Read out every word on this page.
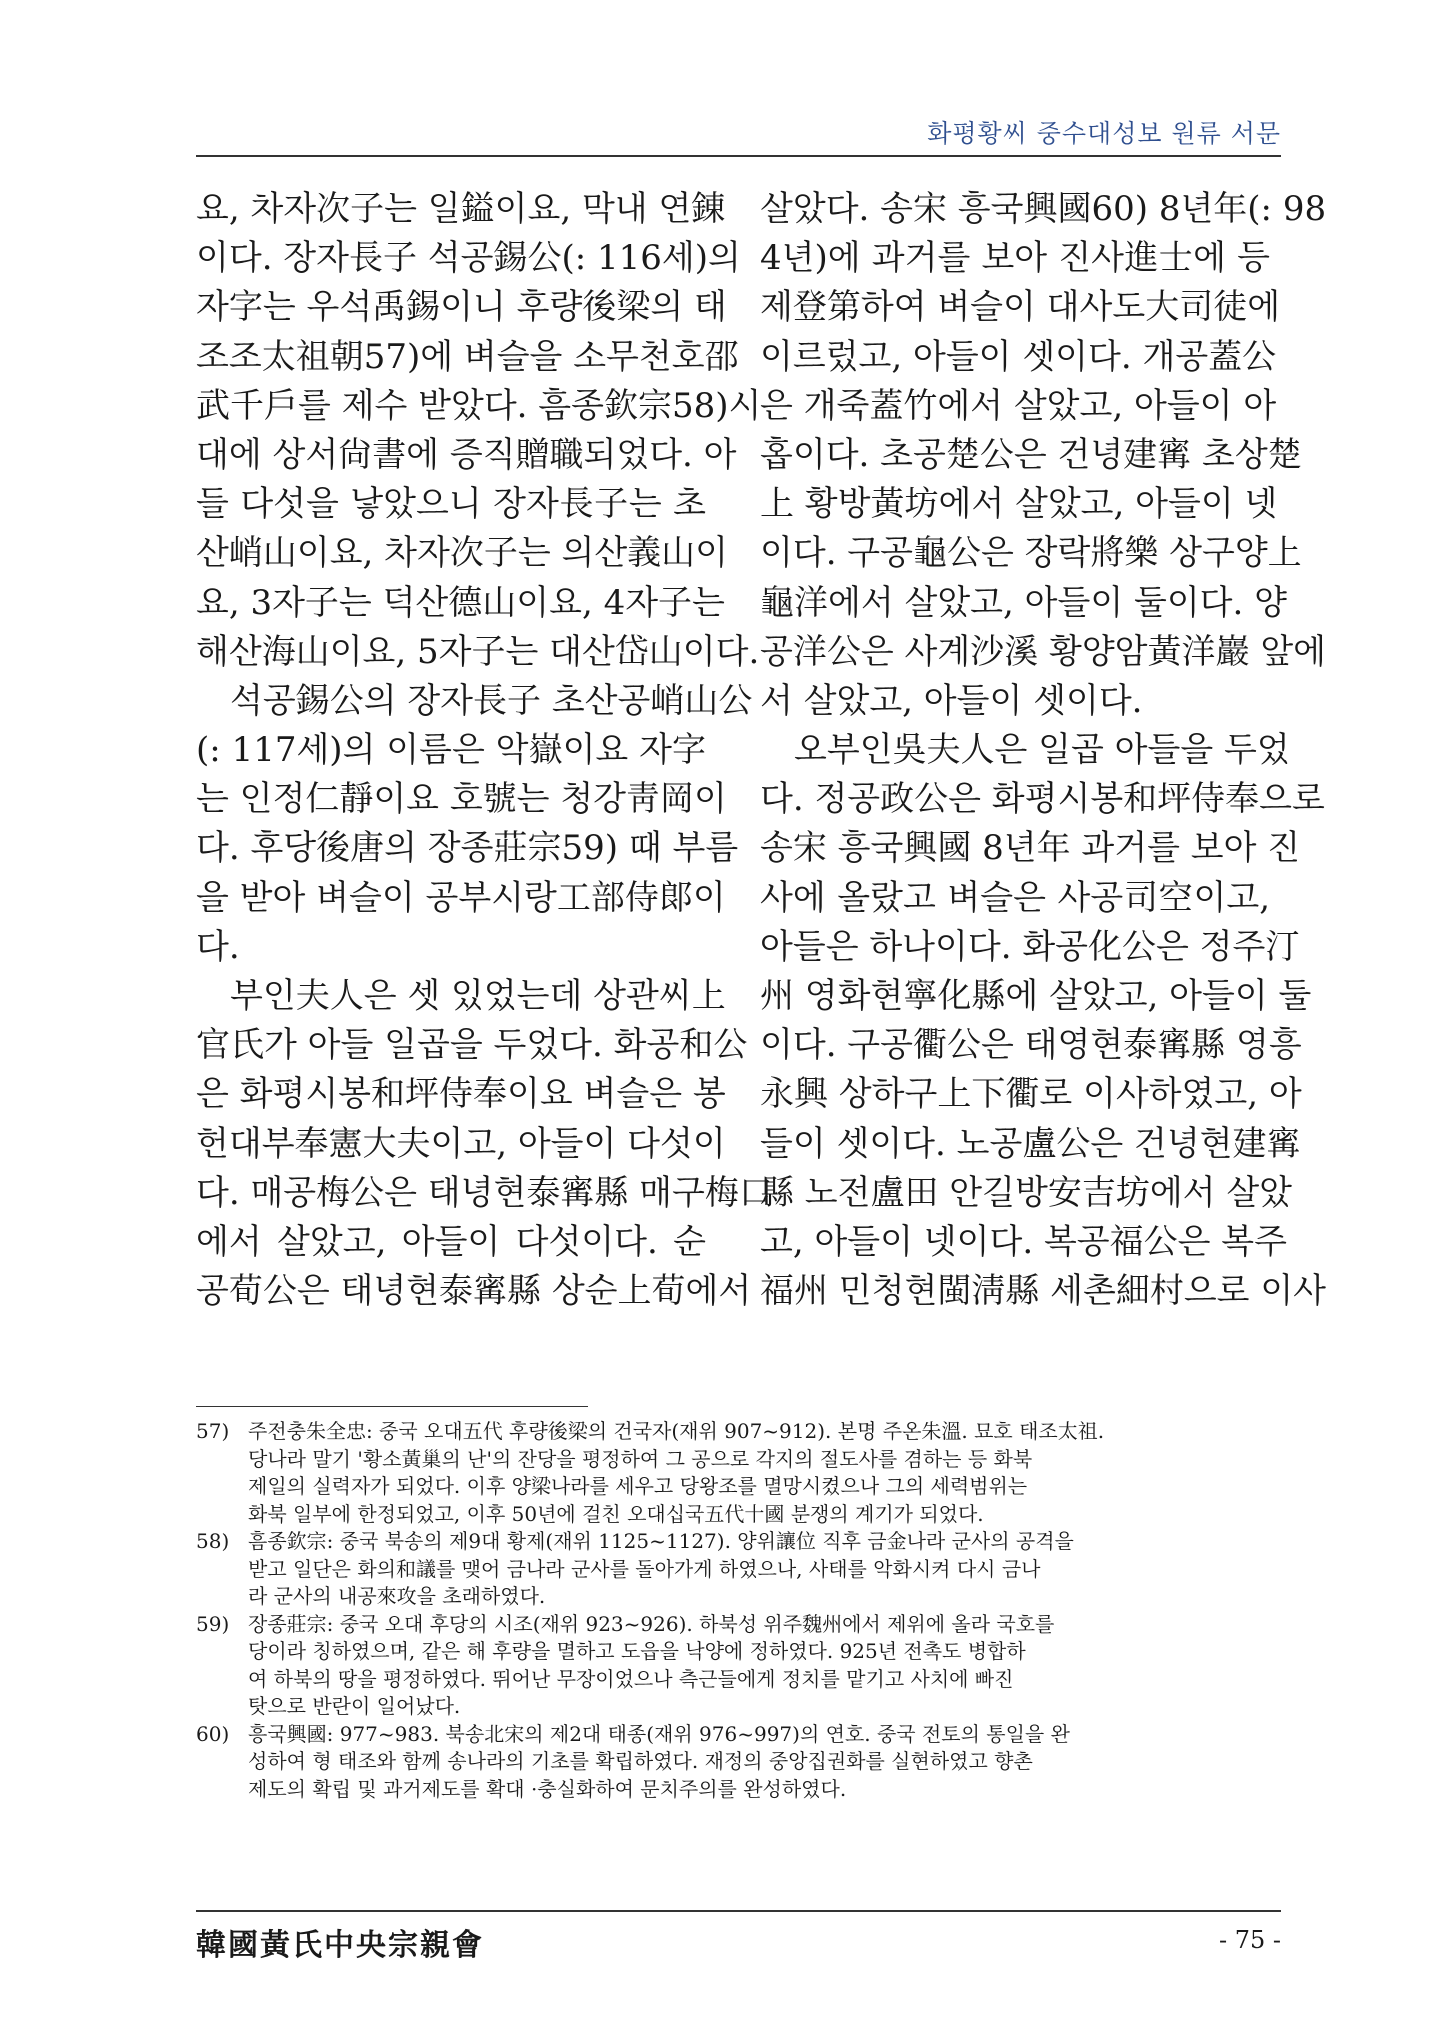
화평황씨 중수대성보 원류 서문
요, 차자次子는 일鎰이요, 막내 연錬
이다. 장자長子 석공錫公(: 116세)의
자字는 우석禹錫이니 후량後梁의 태
조조太祖朝57)에 벼슬을 소무천호邵
武千戶를 제수 받았다. 흠종欽宗58)시
대에 상서尙書에 증직贈職되었다. 아
들 다섯을 낳았으니 장자長子는 초
산峭山이요, 차자次子는 의산義山이
요, 3자子는 덕산德山이요, 4자子는
해산海山이요, 5자子는 대산岱山이다.
석공錫公의 장자長子 초산공峭山公
(: 117세)의 이름은 악嶽이요 자字
는 인정仁靜이요 호號는 청강靑岡이
다. 후당後唐의 장종莊宗59) 때 부름
을 받아 벼슬이 공부시랑工部侍郞이
다.
부인夫人은 셋 있었는데 상관씨上
官氏가 아들 일곱을 두었다. 화공和公
은 화평시봉和坪侍奉이요 벼슬은 봉
헌대부奉憲大夫이고, 아들이 다섯이
다. 매공梅公은 태녕현泰寗縣 매구梅口
에서 살았고, 아들이 다섯이다. 순
공荀公은 태녕현泰寗縣 상순上荀에서
살았다. 송宋 흥국興國60) 8년年(: 98
4년)에 과거를 보아 진사進士에 등
제登第하여 벼슬이 대사도大司徒에
이르렀고, 아들이 셋이다. 개공蓋公
은 개죽蓋竹에서 살았고, 아들이 아
홉이다. 초공楚公은 건녕建寗 초상楚
上 황방黃坊에서 살았고, 아들이 넷
이다. 구공龜公은 장락將樂 상구양上
龜洋에서 살았고, 아들이 둘이다. 양
공洋公은 사계沙溪 황양암黃洋巖 앞에
서 살았고, 아들이 셋이다.
오부인吳夫人은 일곱 아들을 두었
다. 정공政公은 화평시봉和坪侍奉으로
송宋 흥국興國 8년年 과거를 보아 진
사에 올랐고 벼슬은 사공司空이고,
아들은 하나이다. 화공化公은 정주汀
州 영화현寧化縣에 살았고, 아들이 둘
이다. 구공衢公은 태영현泰寗縣 영흥
永興 상하구上下衢로 이사하였고, 아
들이 셋이다. 노공盧公은 건녕현建寗
縣 노전盧田 안길방安吉坊에서 살았
고, 아들이 넷이다. 복공福公은 복주
福州 민청현閩淸縣 세촌細村으로 이사
57) 주전충朱全忠: 중국 오대五代 후량後梁의 건국자(재위 907~912). 본명 주온朱溫. 묘호 태조太祖.
당나라 말기 '황소黃巢의 난'의 잔당을 평정하여 그 공으로 각지의 절도사를 겸하는 등 화북
제일의 실력자가 되었다. 이후 양梁나라를 세우고 당왕조를 멸망시켰으나 그의 세력범위는
화북 일부에 한정되었고, 이후 50년에 걸친 오대십국五代十國 분쟁의 계기가 되었다.
58) 흠종欽宗: 중국 북송의 제9대 황제(재위 1125~1127). 양위讓位 직후 금金나라 군사의 공격을
받고 일단은 화의和議를 맺어 금나라 군사를 돌아가게 하였으나, 사태를 악화시켜 다시 금나
라 군사의 내공來攻을 초래하였다.
59) 장종莊宗: 중국 오대 후당의 시조(재위 923~926). 하북성 위주魏州에서 제위에 올라 국호를
당이라 칭하였으며, 같은 해 후량을 멸하고 도읍을 낙양에 정하였다. 925년 전촉도 병합하
여 하북의 땅을 평정하였다. 뛰어난 무장이었으나 측근들에게 정치를 맡기고 사치에 빠진
탓으로 반란이 일어났다.
60) 흥국興國: 977~983. 북송北宋의 제2대 태종(재위 976~997)의 연호. 중국 전토의 통일을 완
성하여 형 태조와 함께 송나라의 기초를 확립하였다. 재정의 중앙집권화를 실현하였고 향촌
제도의 확립 및 과거제도를 확대 ·충실화하여 문치주의를 완성하였다.
韓國黃氏中央宗親會	- 75 -
